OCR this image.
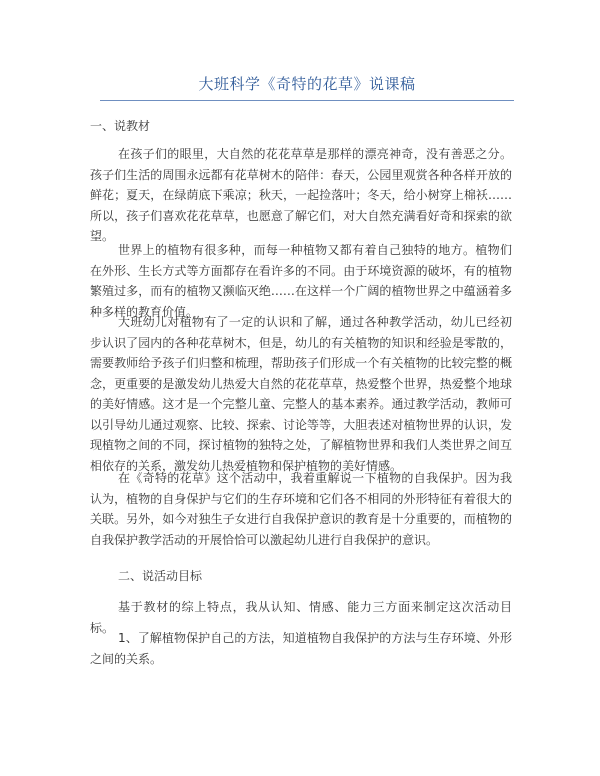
大班科学《奇特的花草》说课稿

一、说教材

在孩子们的眼里，大自然的花花草草是那样的漂亮神奇，没有善恶之分。孩子们生活的周围永远都有花草树木的陪伴：春天，公园里观赏各种各样开放的鲜花；夏天，在绿荫底下乘凉；秋天，一起捡落叶；冬天，给小树穿上棉袄……所以，孩子们喜欢花花草草，也愿意了解它们，对大自然充满看好奇和探索的欲望。

世界上的植物有很多种，而每一种植物又都有着自己独特的地方。植物们在外形、生长方式等方面都存在看许多的不同。由于环境资源的破坏，有的植物繁殖过多，而有的植物又濒临灭绝……在这样一个广阔的植物世界之中蕴涵着多种多样的教育价值。

大班幼儿对植物有了一定的认识和了解，通过各种教学活动，幼儿已经初步认识了园内的各种花草树木，但是，幼儿的有关植物的知识和经验是零散的，需要教师给予孩子们归整和梳理，帮助孩子们形成一个有关植物的比较完整的概念，更重要的是激发幼儿热爱大自然的花花草草，热爱整个世界，热爱整个地球的美好情感。这才是一个完整儿童、完整人的基本素养。通过教学活动，教师可以引导幼儿通过观察、比较、探索、讨论等等，大胆表述对植物世界的认识，发现植物之间的不同，探讨植物的独特之处，了解植物世界和我们人类世界之间互相依存的关系，激发幼儿热爱植物和保护植物的美好情感。

在《奇特的花草》这个活动中，我着重解说一下植物的自我保护。因为我认为，植物的自身保护与它们的生存环境和它们各不相同的外形特征有着很大的关联。另外，如今对独生子女进行自我保护意识的教育是十分重要的，而植物的自我保护教学活动的开展恰恰可以激起幼儿进行自我保护的意识。

二、说活动目标

基于教材的综上特点，我从认知、情感、能力三方面来制定这次活动目标。

1、了解植物保护自己的方法，知道植物自我保护的方法与生存环境、外形之间的关系。
